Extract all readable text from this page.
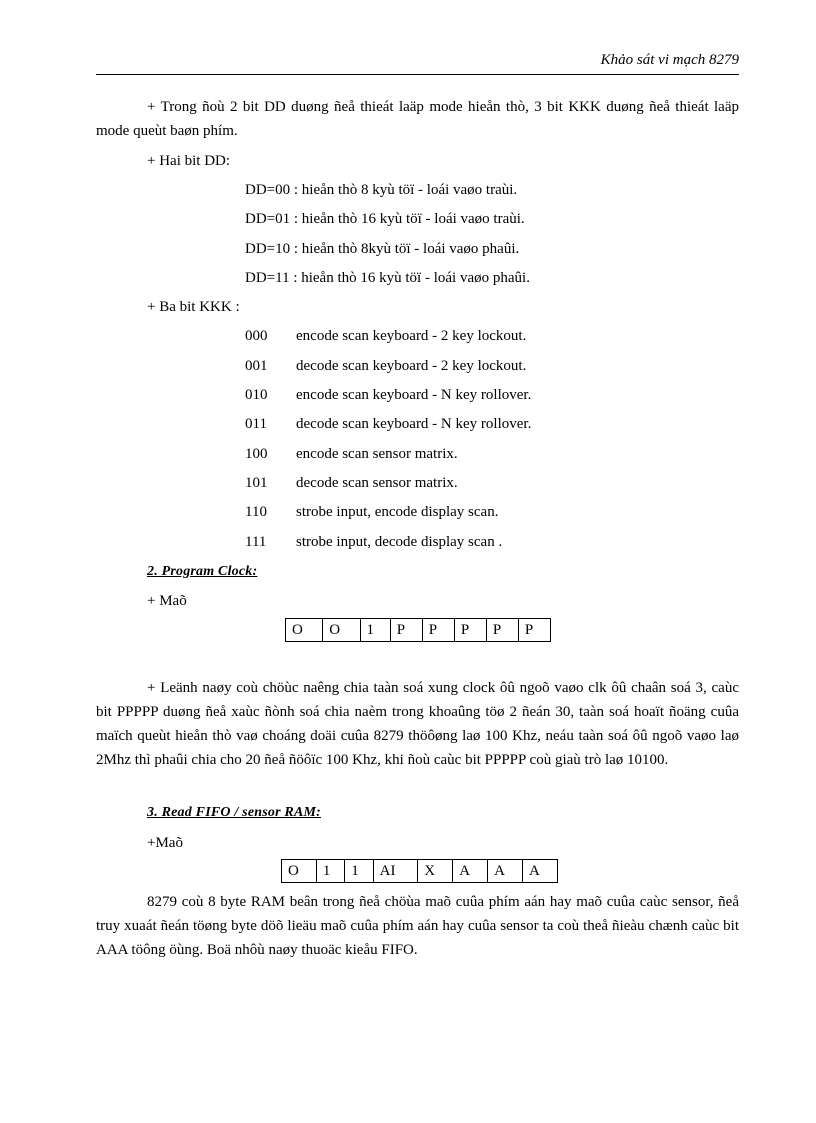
Khảo sát vi mạch 8279
+ Trong ñoù 2 bit DD duøng ñeå thieát laäp mode hieån thò, 3 bit KKK duøng ñeå thieát laäp mode queùt baøn phím.
+ Hai bit DD:
DD=00 : hieån thò 8 kyù töï - loái vaøo traùi.
DD=01 : hieån thò 16 kyù töï - loái vaøo traùi.
DD=10 : hieån thò 8kyù töï - loái vaøo phaûi.
DD=11 : hieån thò 16 kyù töï - loái vaøo phaûi.
+ Ba bit KKK :
000	encode scan keyboard - 2 key lockout.
001	decode scan keyboard - 2 key lockout.
010	encode scan keyboard - N key rollover.
011	decode scan keyboard - N key rollover.
100	encode scan sensor matrix.
101	decode scan sensor matrix.
110	strobe input, encode display scan.
111	strobe input, decode display scan .
2. Program Clock:
+ Maõ
O	O	1	P	P	P	P	P
+ Leänh naøy coù chöùc naêng chia taàn soá xung clock ôû ngoõ vaøo clk ôû chaân soá 3, caùc bit PPPPP duøng ñeå xaùc ñònh soá chia naèm trong khoaûng töø 2 ñeán 30, taàn soá hoaït ñoäng cuûa maïch queùt hieån thò vaø choáng doäi cuûa 8279 thöôøng laø 100 Khz, neáu taàn soá ôû ngoõ vaøo laø 2Mhz thì phaûi chia cho 20 ñeå ñöôïc 100 Khz, khi ñoù caùc bit PPPPP coù giaù trò laø 10100.
3. Read FIFO / sensor RAM:
+Maõ
O	1	1	AI	X	A	A	A
8279 coù 8 byte RAM beân trong ñeå chöùa maõ cuûa phím aán hay maõ cuûa caùc sensor, ñeå truy xuaát ñeán töøng byte döõ lieäu maõ cuûa phím aán hay cuûa sensor ta coù theå ñieàu chænh caùc bit AAA töông öùng. Boä nhôù naøy thuoäc kieåu FIFO.
